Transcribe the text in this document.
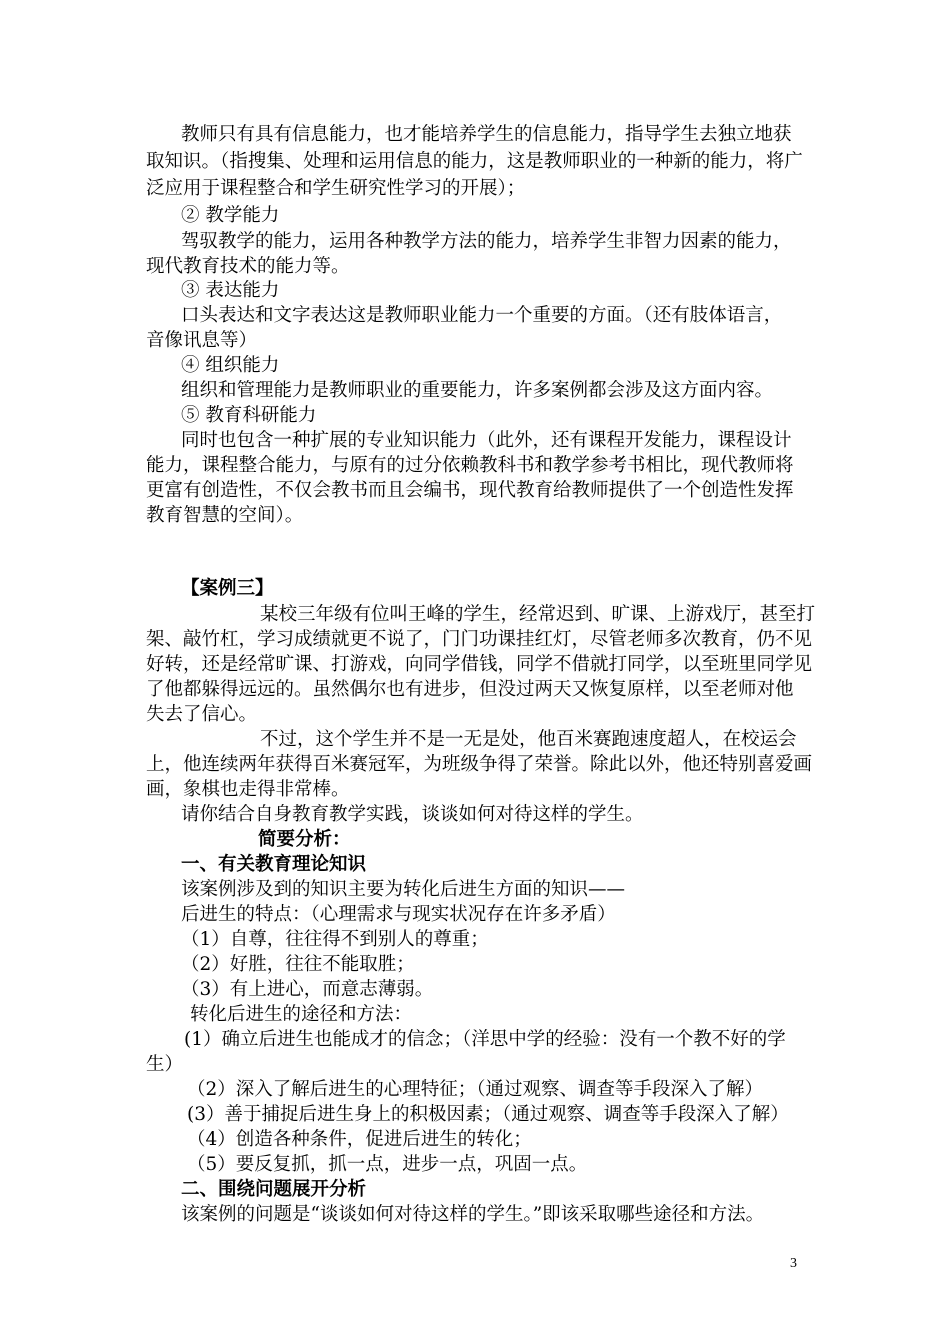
教师只有具有信息能力，也才能培养学生的信息能力，指导学生去独立地获
取知识。（指搜集、处理和运用信息的能力，这是教师职业的一种新的能力，将广
泛应用于课程整合和学生研究性学习的开展）；
② 教学能力
驾驭教学的能力，运用各种教学方法的能力，培养学生非智力因素的能力，
现代教育技术的能力等。
③ 表达能力
口头表达和文字表达这是教师职业能力一个重要的方面。（还有肢体语言，
音像讯息等）
④ 组织能力
组织和管理能力是教师职业的重要能力，许多案例都会涉及这方面内容。
⑤ 教育科研能力
同时也包含一种扩展的专业知识能力（此外，还有课程开发能力，课程设计
能力，课程整合能力，与原有的过分依赖教科书和教学参考书相比，现代教师将
更富有创造性，不仅会教书而且会编书，现代教育给教师提供了一个创造性发挥
教育智慧的空间）。
【案例三】
某校三年级有位叫王峰的学生，经常迟到、旷课、上游戏厅，甚至打
架、敲竹杠，学习成绩就更不说了，门门功课挂红灯，尽管老师多次教育，仍不见
好转，还是经常旷课、打游戏，向同学借钱，同学不借就打同学，以至班里同学见
了他都躲得远远的。虽然偶尔也有进步，但没过两天又恢复原样，以至老师对他
失去了信心。
不过，这个学生并不是一无是处，他百米赛跑速度超人，在校运会
上，他连续两年获得百米赛冠军，为班级争得了荣誉。除此以外，他还特别喜爱画
画，象棋也走得非常棒。
请你结合自身教育教学实践，谈谈如何对待这样的学生。
简要分析：
一、有关教育理论知识
该案例涉及到的知识主要为转化后进生方面的知识——
后进生的特点：（心理需求与现实状况存在许多矛盾）
（1）自尊，往往得不到别人的尊重；
（2）好胜，往往不能取胜；
（3）有上进心，而意志薄弱。
转化后进生的途径和方法：
(1）确立后进生也能成才的信念；（洋思中学的经验：没有一个教不好的学
生）
（2）深入了解后进生的心理特征；（通过观察、调查等手段深入了解）
(3）善于捕捉后进生身上的积极因素；（通过观察、调查等手段深入了解）
（4）创造各种条件，促进后进生的转化；
（5）要反复抓，抓一点，进步一点，巩固一点。
二、围绕问题展开分析
该案例的问题是“谈谈如何对待这样的学生。”即该采取哪些途径和方法。
3
